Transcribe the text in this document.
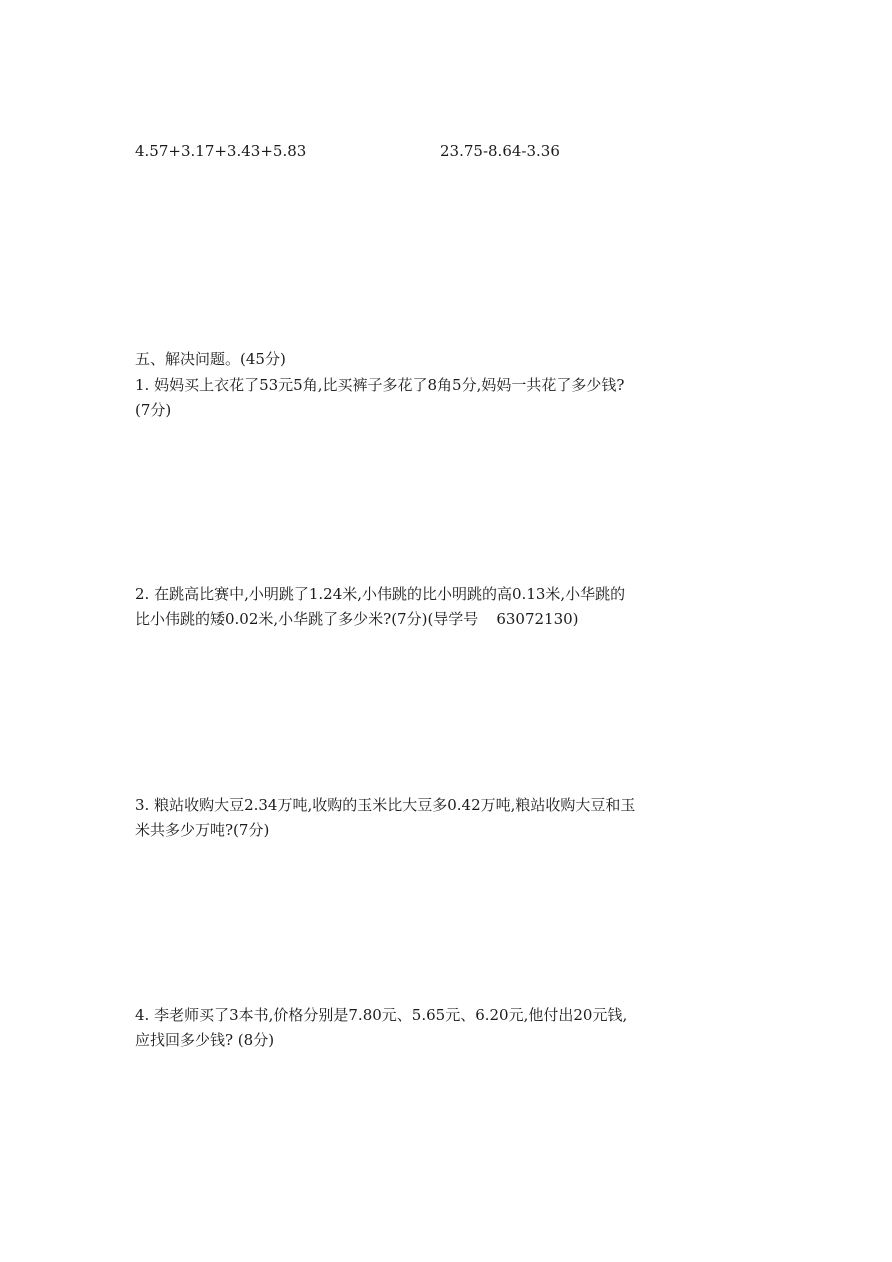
4.57+3.17+3.43+5.83	23.75-8.64-3.36
五、解决问题。(45分)

1. 妈妈买上衣花了53元5角,比买裤子多花了8角5分,妈妈一共花了多少钱?

(7分)

2. 在跳高比赛中,小明跳了1.24米,小伟跳的比小明跳的高0.13米,小华跳的

比小伟跳的矮0.02米,小华跳了多少米?(7分)(导学号 63072130)

3. 粮站收购大豆2.34万吨,收购的玉米比大豆多0.42万吨,粮站收购大豆和玉

米共多少万吨?(7分)

4. 李老师买了3本书,价格分别是7.80元、5.65元、6.20元,他付出20元钱,

应找回多少钱? (8分)
